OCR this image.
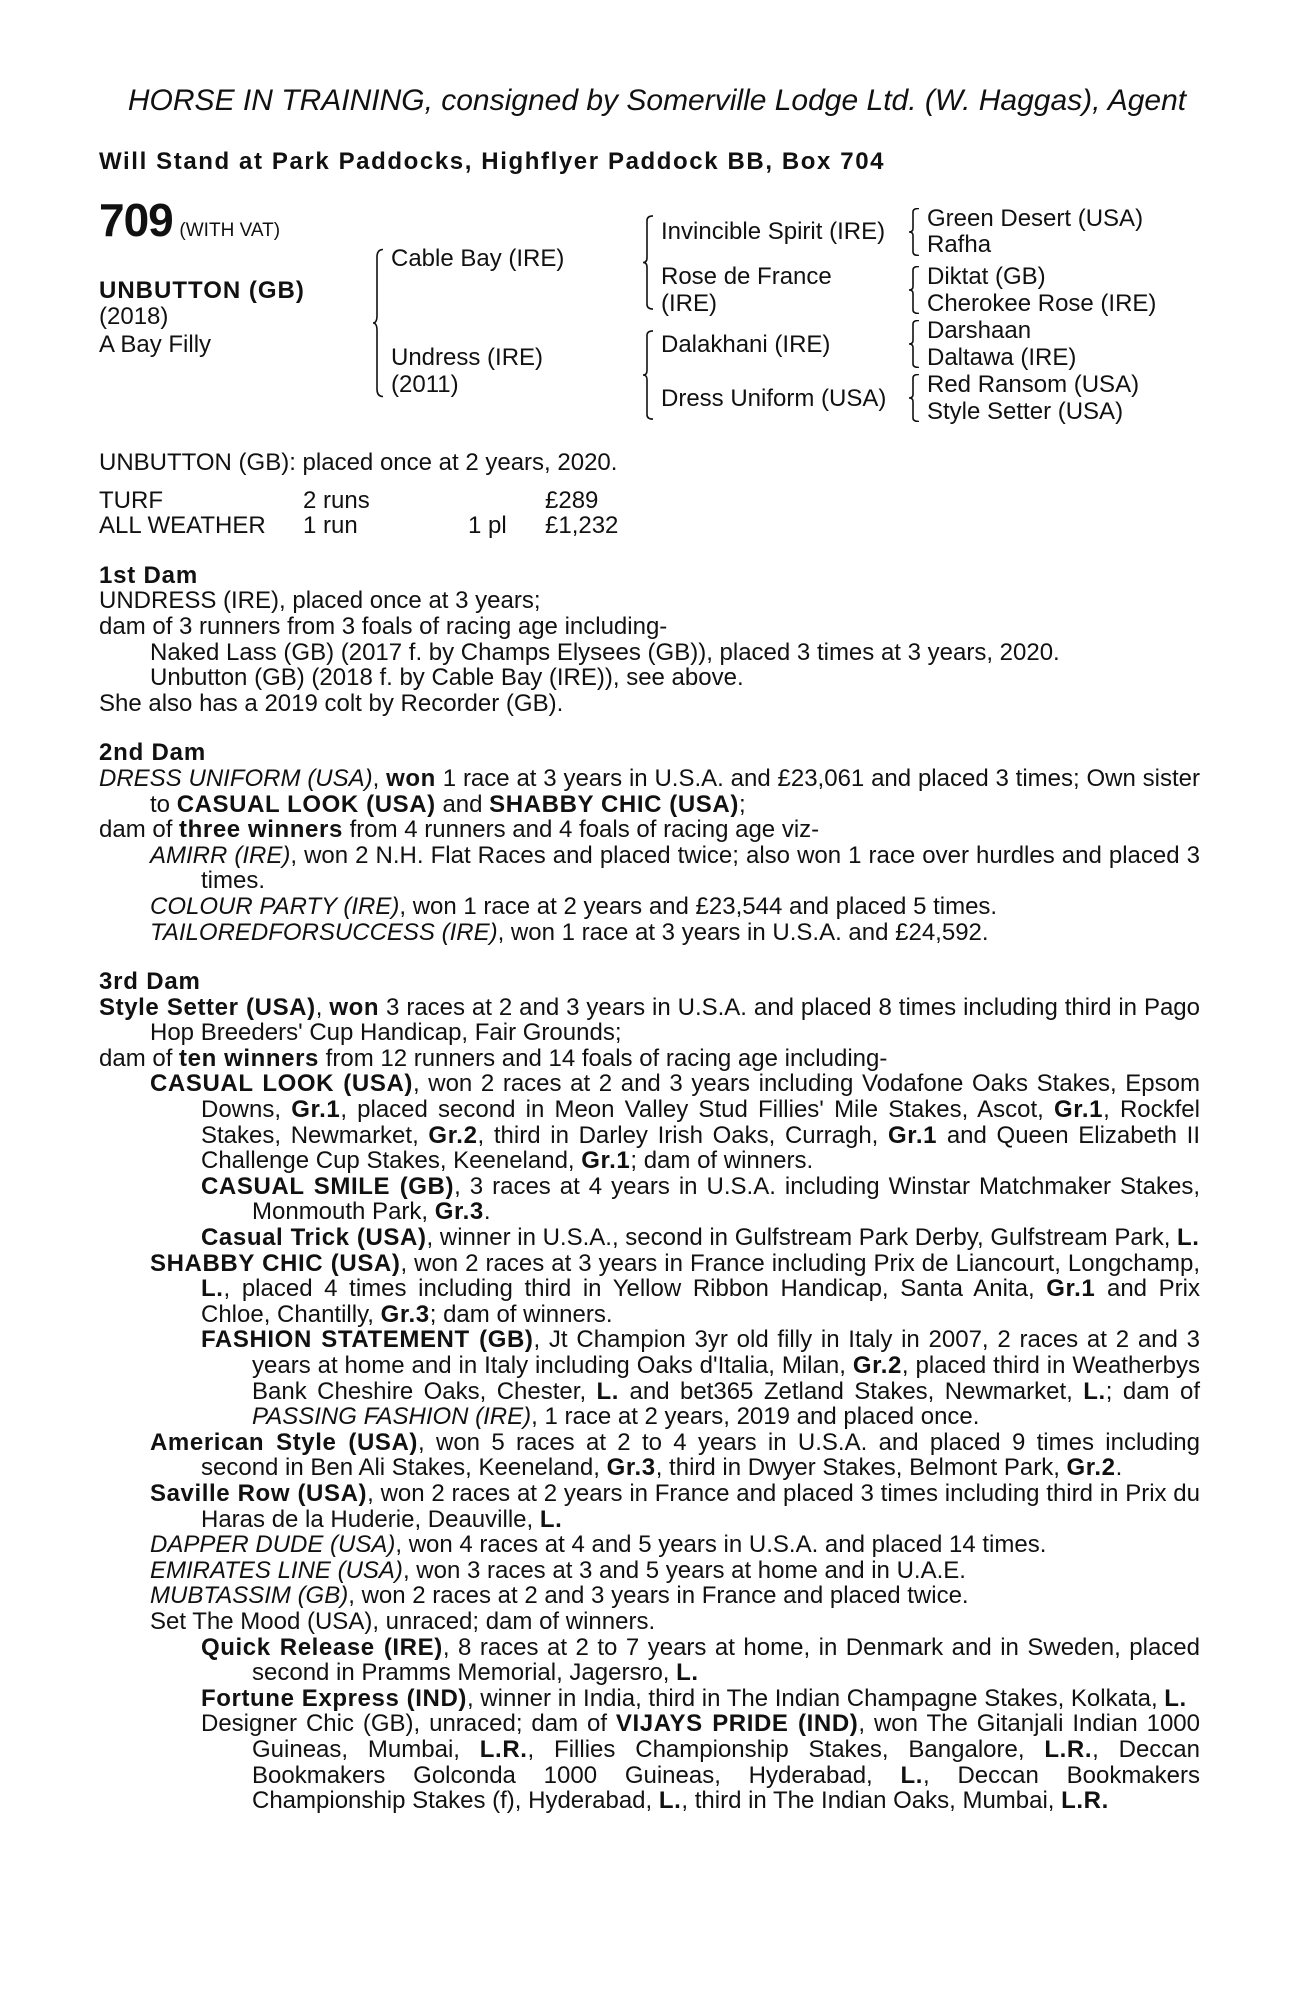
HORSE IN TRAINING, consigned by Somerville Lodge Ltd. (W. Haggas), Agent
Will Stand at Park Paddocks, Highflyer Paddock BB, Box 704
709 (WITH VAT)
UNBUTTON (GB)
(2018)
A Bay Filly
Cable Bay (IRE)
Undress (IRE)
(2011)
Invincible Spirit (IRE)
Rose de France
(IRE)
Dalakhani (IRE)
Dress Uniform (USA)
Green Desert (USA)
Rafha
Diktat (GB)
Cherokee Rose (IRE)
Darshaan
Daltawa (IRE)
Red Ransom (USA)
Style Setter (USA)
UNBUTTON (GB): placed once at 2 years, 2020.
TURF	2 runs		£289
ALL WEATHER	1 run	1 pl	£1,232
1st Dam
UNDRESS (IRE), placed once at 3 years;
dam of 3 runners from 3 foals of racing age including-
Naked Lass (GB) (2017 f. by Champs Elysees (GB)), placed 3 times at 3 years, 2020.
Unbutton (GB) (2018 f. by Cable Bay (IRE)), see above.
She also has a 2019 colt by Recorder (GB).
2nd Dam
DRESS UNIFORM (USA), won 1 race at 3 years in U.S.A. and £23,061 and placed 3 times; Own sister to CASUAL LOOK (USA) and SHABBY CHIC (USA);
dam of three winners from 4 runners and 4 foals of racing age viz-
AMIRR (IRE), won 2 N.H. Flat Races and placed twice; also won 1 race over hurdles and placed 3 times.
COLOUR PARTY (IRE), won 1 race at 2 years and £23,544 and placed 5 times.
TAILOREDFORSUCCESS (IRE), won 1 race at 3 years in U.S.A. and £24,592.
3rd Dam
Style Setter (USA), won 3 races at 2 and 3 years in U.S.A. and placed 8 times including third in Pago Hop Breeders' Cup Handicap, Fair Grounds;
dam of ten winners from 12 runners and 14 foals of racing age including-
CASUAL LOOK (USA), won 2 races at 2 and 3 years including Vodafone Oaks Stakes, Epsom Downs, Gr.1, placed second in Meon Valley Stud Fillies' Mile Stakes, Ascot, Gr.1, Rockfel Stakes, Newmarket, Gr.2, third in Darley Irish Oaks, Curragh, Gr.1 and Queen Elizabeth II Challenge Cup Stakes, Keeneland, Gr.1; dam of winners.
CASUAL SMILE (GB), 3 races at 4 years in U.S.A. including Winstar Matchmaker Stakes, Monmouth Park, Gr.3.
Casual Trick (USA), winner in U.S.A., second in Gulfstream Park Derby, Gulfstream Park, L.
SHABBY CHIC (USA), won 2 races at 3 years in France including Prix de Liancourt, Longchamp, L., placed 4 times including third in Yellow Ribbon Handicap, Santa Anita, Gr.1 and Prix Chloe, Chantilly, Gr.3; dam of winners.
FASHION STATEMENT (GB), Jt Champion 3yr old filly in Italy in 2007, 2 races at 2 and 3 years at home and in Italy including Oaks d'Italia, Milan, Gr.2, placed third in Weatherbys Bank Cheshire Oaks, Chester, L. and bet365 Zetland Stakes, Newmarket, L.; dam of PASSING FASHION (IRE), 1 race at 2 years, 2019 and placed once.
American Style (USA), won 5 races at 2 to 4 years in U.S.A. and placed 9 times including second in Ben Ali Stakes, Keeneland, Gr.3, third in Dwyer Stakes, Belmont Park, Gr.2.
Saville Row (USA), won 2 races at 2 years in France and placed 3 times including third in Prix du Haras de la Huderie, Deauville, L.
DAPPER DUDE (USA), won 4 races at 4 and 5 years in U.S.A. and placed 14 times.
EMIRATES LINE (USA), won 3 races at 3 and 5 years at home and in U.A.E.
MUBTASSIM (GB), won 2 races at 2 and 3 years in France and placed twice.
Set The Mood (USA), unraced; dam of winners.
Quick Release (IRE), 8 races at 2 to 7 years at home, in Denmark and in Sweden, placed second in Pramms Memorial, Jagersro, L.
Fortune Express (IND), winner in India, third in The Indian Champagne Stakes, Kolkata, L.
Designer Chic (GB), unraced; dam of VIJAYS PRIDE (IND), won The Gitanjali Indian 1000 Guineas, Mumbai, L.R., Fillies Championship Stakes, Bangalore, L.R., Deccan Bookmakers Golconda 1000 Guineas, Hyderabad, L., Deccan Bookmakers Championship Stakes (f), Hyderabad, L., third in The Indian Oaks, Mumbai, L.R.
